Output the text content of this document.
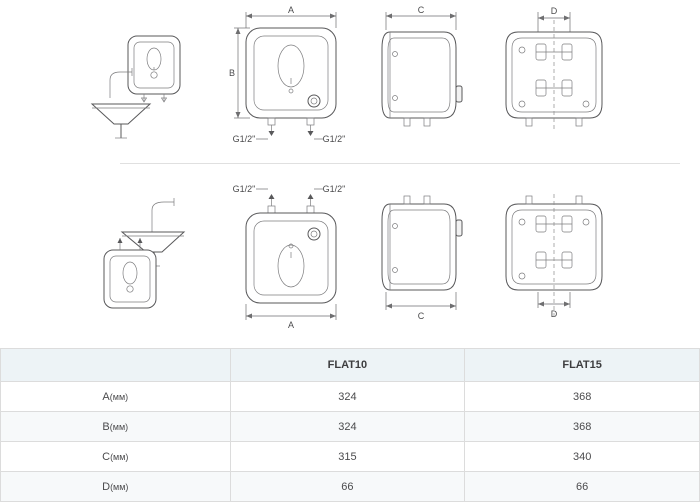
A
B
G1/2"	G1/2"
C	D
G1/2"	G1/2"
A
C	D
	FLAT10	FLAT15
A(мм)	324	368
B(мм)	324	368
C(мм)	315	340
D(мм)	66	66
